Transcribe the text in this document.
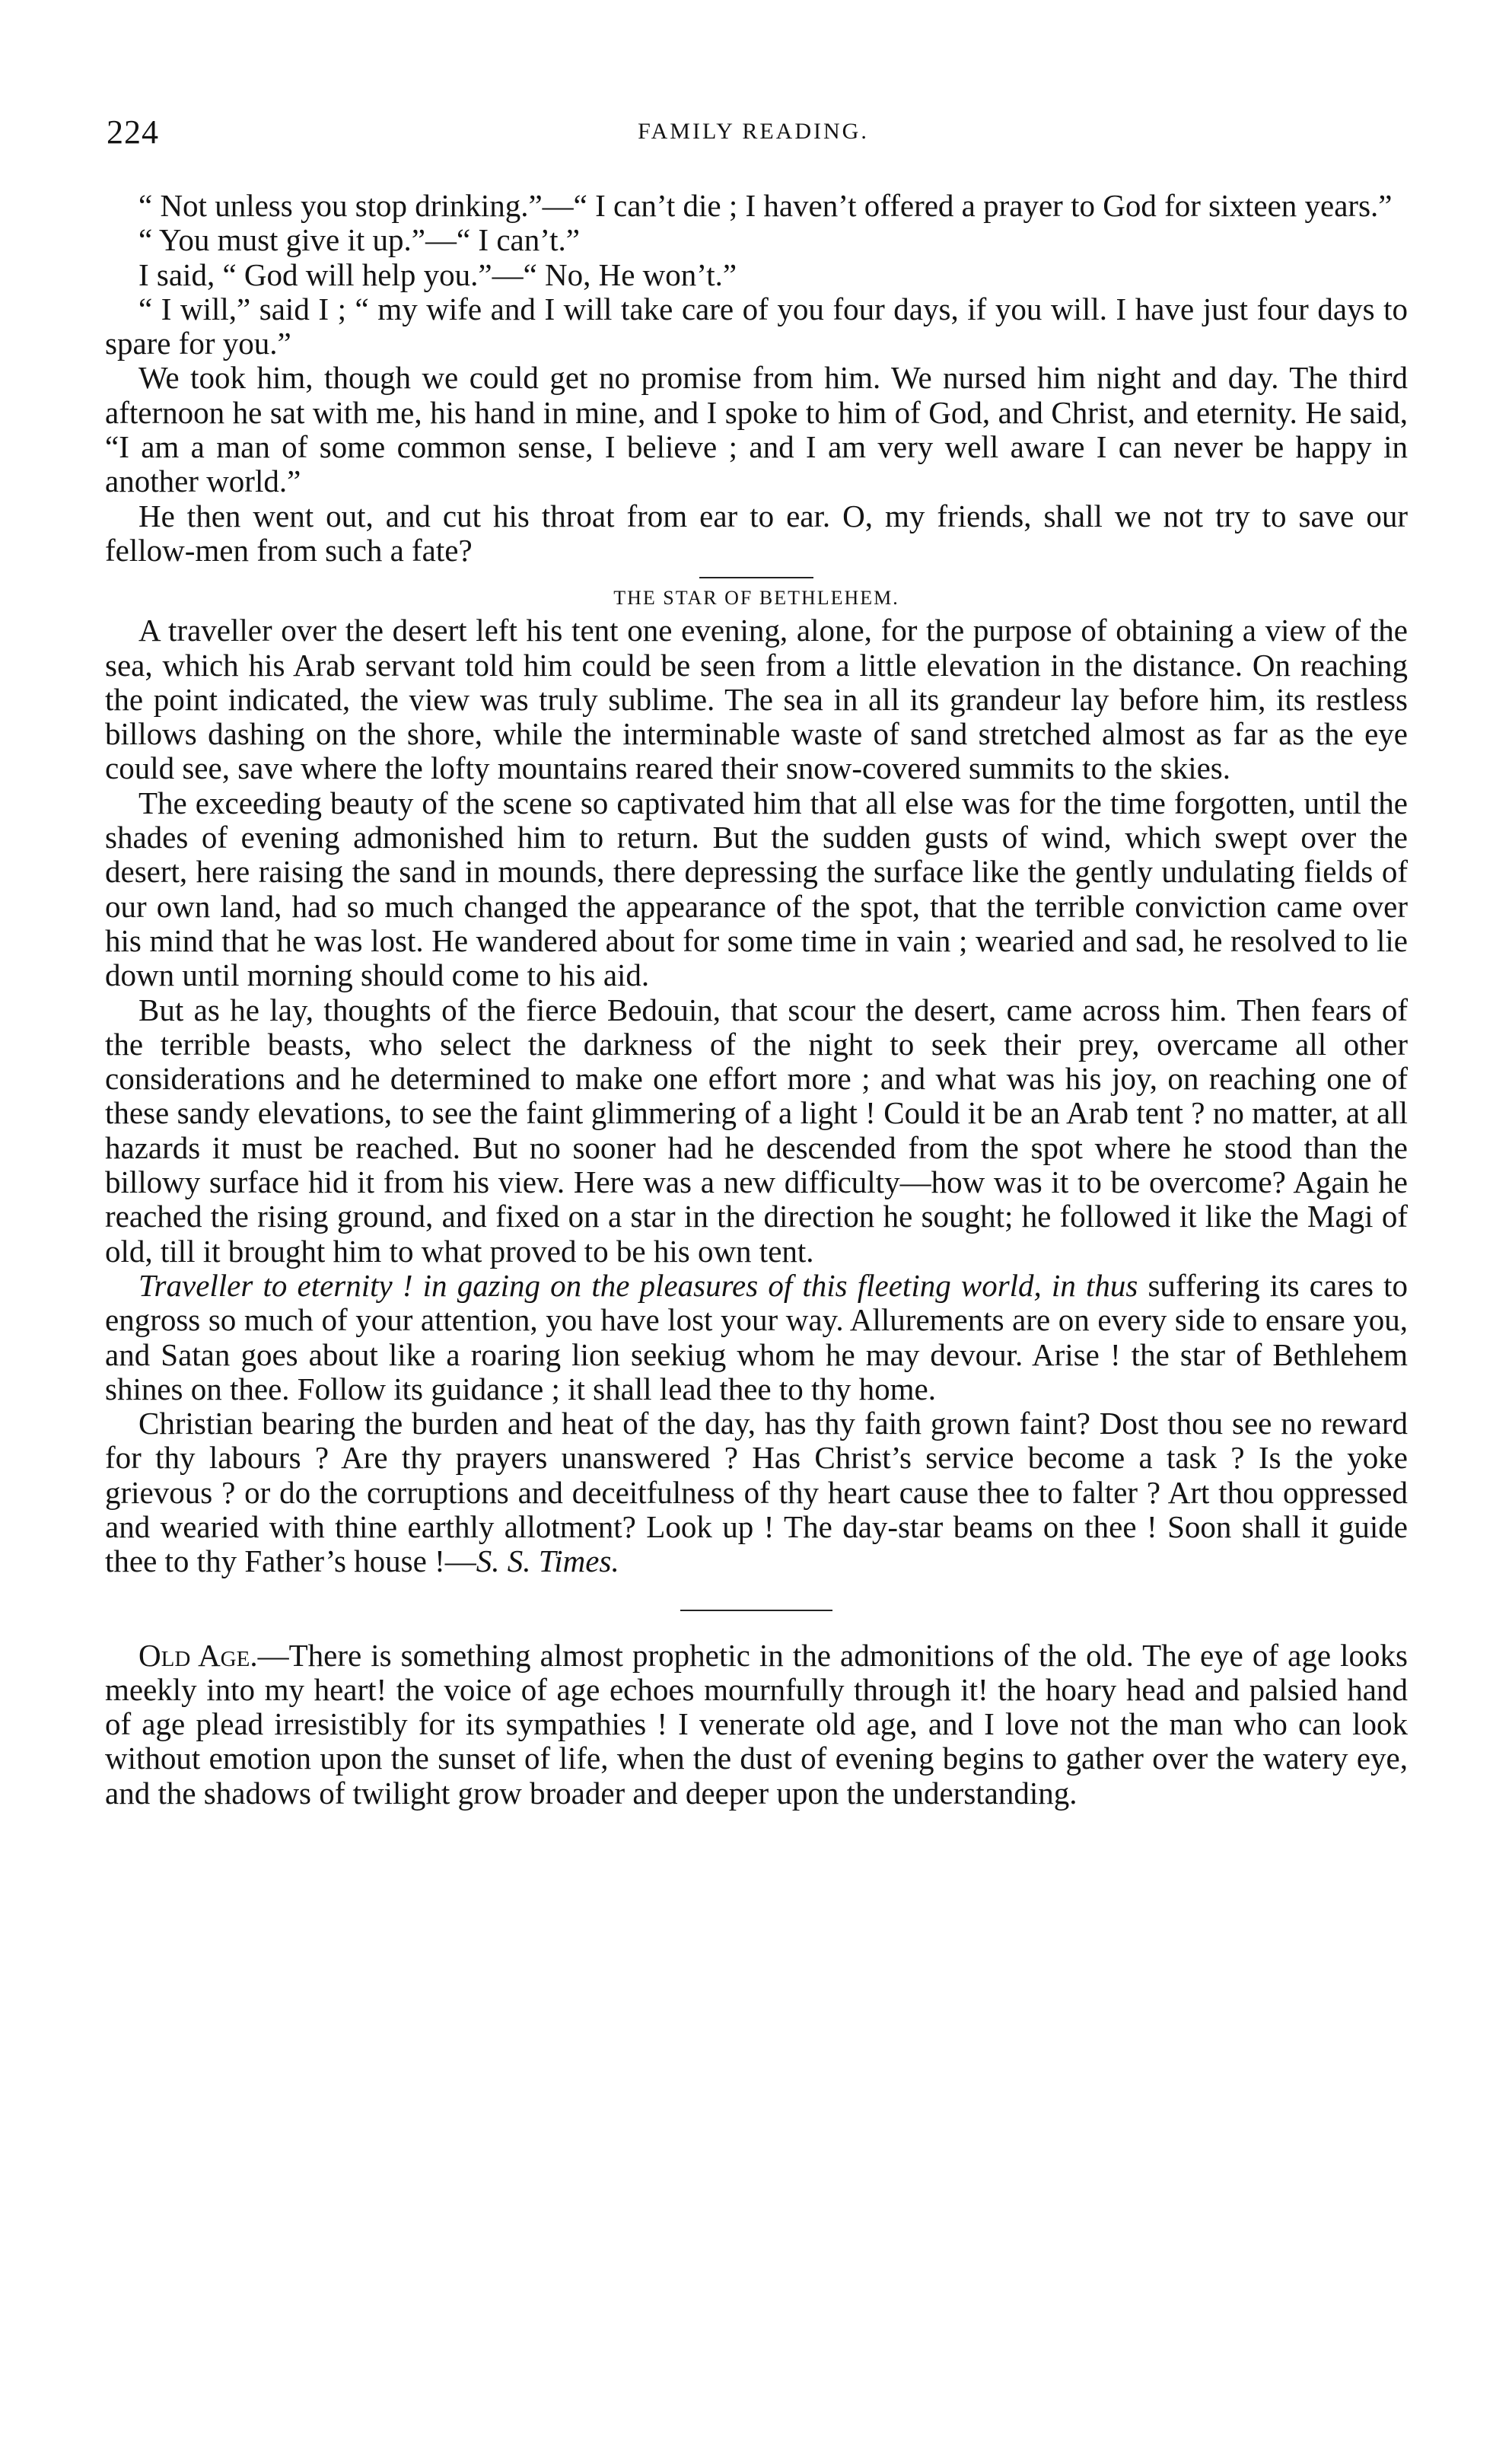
224	FAMILY READING.

“ Not unless you stop drinking.”—“ I can’t die ; I haven’t offered a prayer to God for sixteen years.”

“ You must give it up.”—“ I can’t.”

I said, “ God will help you.”—“ No, He won’t.”

“ I will,” said I ; “ my wife and I will take care of you four days, if you will. I have just four days to spare for you.”

We took him, though we could get no promise from him. We nursed him night and day. The third afternoon he sat with me, his hand in mine, and I spoke to him of God, and Christ, and eternity. He said, “I am a man of some common sense, I believe ; and I am very well aware I can never be happy in another world.”

He then went out, and cut his throat from ear to ear. O, my friends, shall we not try to save our fellow-men from such a fate?

THE STAR OF BETHLEHEM.

A traveller over the desert left his tent one evening, alone, for the purpose of obtaining a view of the sea, which his Arab servant told him could be seen from a little elevation in the distance. On reaching the point indicated, the view was truly sublime. The sea in all its grandeur lay before him, its restless billows dashing on the shore, while the interminable waste of sand stretched almost as far as the eye could see, save where the lofty mountains reared their snow-covered summits to the skies.

The exceeding beauty of the scene so captivated him that all else was for the time forgotten, until the shades of evening admonished him to return. But the sudden gusts of wind, which swept over the desert, here raising the sand in mounds, there depressing the surface like the gently undulating fields of our own land, had so much changed the appearance of the spot, that the terrible conviction came over his mind that he was lost. He wandered about for some time in vain ; wearied and sad, he resolved to lie down until morning should come to his aid.

But as he lay, thoughts of the fierce Bedouin, that scour the desert, came across him. Then fears of the terrible beasts, who select the darkness of the night to seek their prey, overcame all other considerations and he determined to make one effort more ; and what was his joy, on reaching one of these sandy elevations, to see the faint glimmering of a light ! Could it be an Arab tent ? no matter, at all hazards it must be reached. But no sooner had he descended from the spot where he stood than the billowy surface hid it from his view. Here was a new difficulty—how was it to be overcome? Again he reached the rising ground, and fixed on a star in the direction he sought; he followed it like the Magi of old, till it brought him to what proved to be his own tent.

Traveller to eternity ! in gazing on the pleasures of this fleeting world, in thus suffering its cares to engross so much of your attention, you have lost your way. Allurements are on every side to ensare you, and Satan goes about like a roaring lion seekiug whom he may devour. Arise ! the star of Bethlehem shines on thee. Follow its guidance ; it shall lead thee to thy home.

Christian bearing the burden and heat of the day, has thy faith grown faint? Dost thou see no reward for thy labours ? Are thy prayers unanswered ? Has Christ’s service become a task ? Is the yoke grievous ? or do the corruptions and deceitfulness of thy heart cause thee to falter ? Art thou oppressed and wearied with thine earthly allotment? Look up ! The day-star beams on thee ! Soon shall it guide thee to thy Father’s house !—S. S. Times.

Old Age.—There is something almost prophetic in the admonitions of the old. The eye of age looks meekly into my heart! the voice of age echoes mournfully through it! the hoary head and palsied hand of age plead irresistibly for its sympathies ! I venerate old age, and I love not the man who can look without emotion upon the sunset of life, when the dust of evening begins to gather over the watery eye, and the shadows of twilight grow broader and deeper upon the understanding.
